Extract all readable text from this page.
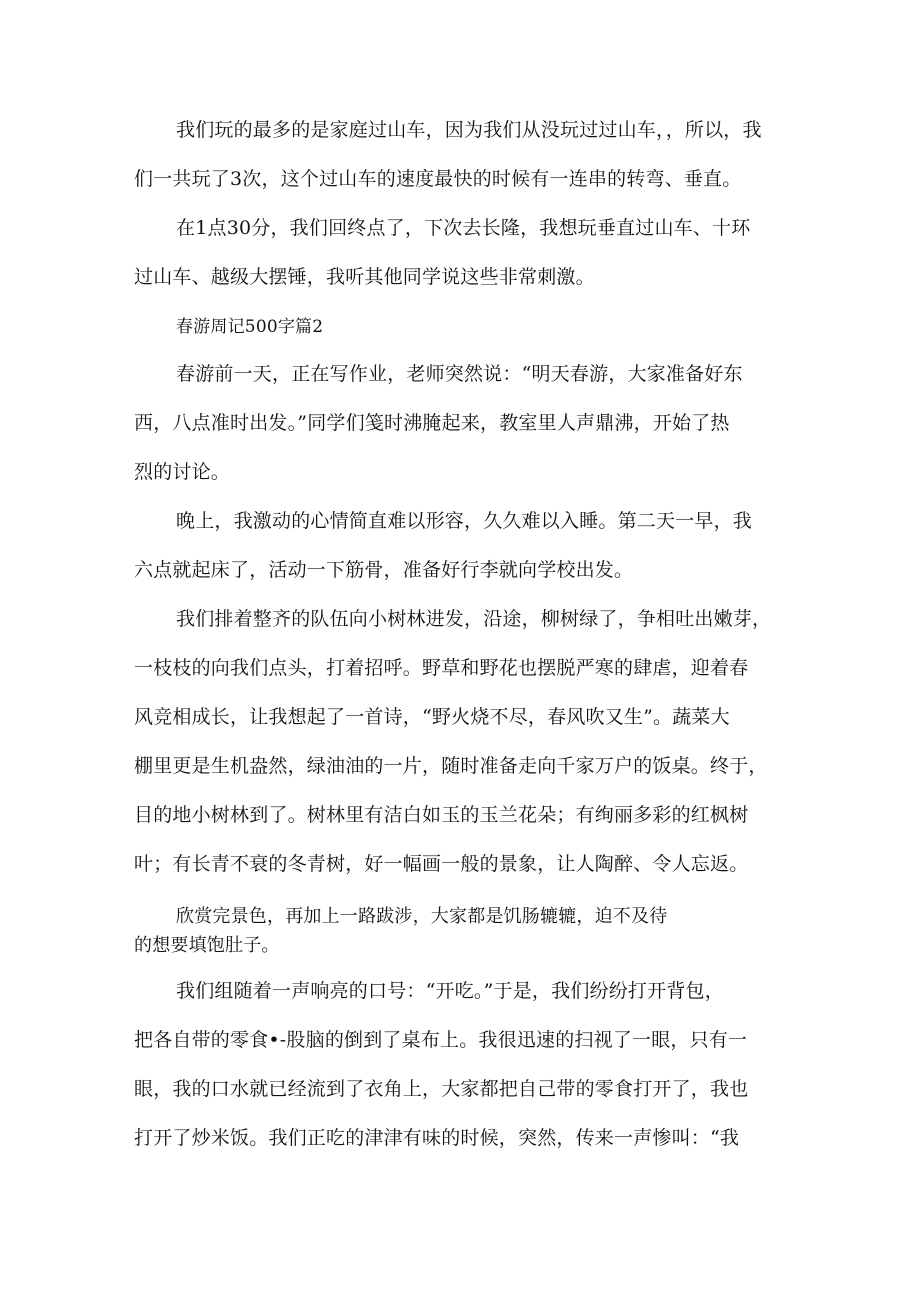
我们玩的最多的是家庭过山车，因为我们从没玩过过山车，，所以，我
们一共玩了3次，这个过山车的速度最快的时候有一连串的转弯、垂直。
在1点30分，我们回终点了，下次去长隆，我想玩垂直过山车、十环
过山车、越级大摆锤，我听其他同学说这些非常刺激。
春游周记500字篇2
春游前一天，正在写作业，老师突然说：“明天春游，大家准备好东
西，八点准时出发。”同学们笺时沸腌起来，教室里人声鼎沸，开始了热
烈的讨论。
晚上，我激动的心情简直难以形容，久久难以入睡。第二天一早，我
六点就起床了，活动一下筋骨，准备好行李就向学校出发。
我们排着整齐的队伍向小树林进发，沿途，柳树绿了，争相吐出嫩芽，
一枝枝的向我们点头，打着招呼。野草和野花也摆脱严寒的肆虐，迎着春
风竞相成长，让我想起了一首诗，“野火烧不尽，春风吹又生”。蔬菜大
棚里更是生机盎然，绿油油的一片，随时准备走向千家万户的饭桌。终于，
目的地小树林到了。树林里有洁白如玉的玉兰花朵；有绚丽多彩的红枫树
叶；有长青不衰的冬青树，好一幅画一般的景象，让人陶醉、令人忘返。
欣赏完景色，再加上一路跋涉，大家都是饥肠辘辘，迫不及待
的想要填饱肚子。
我们组随着一声响亮的口号：“开吃。”于是，我们纷纷打开背包，
把各自带的零食•-股脑的倒到了桌布上。我很迅速的扫视了一眼，只有一
眼，我的口水就已经流到了衣角上，大家都把自己带的零食打开了，我也
打开了炒米饭。我们正吃的津津有味的时候，突然，传来一声惨叫：“我
